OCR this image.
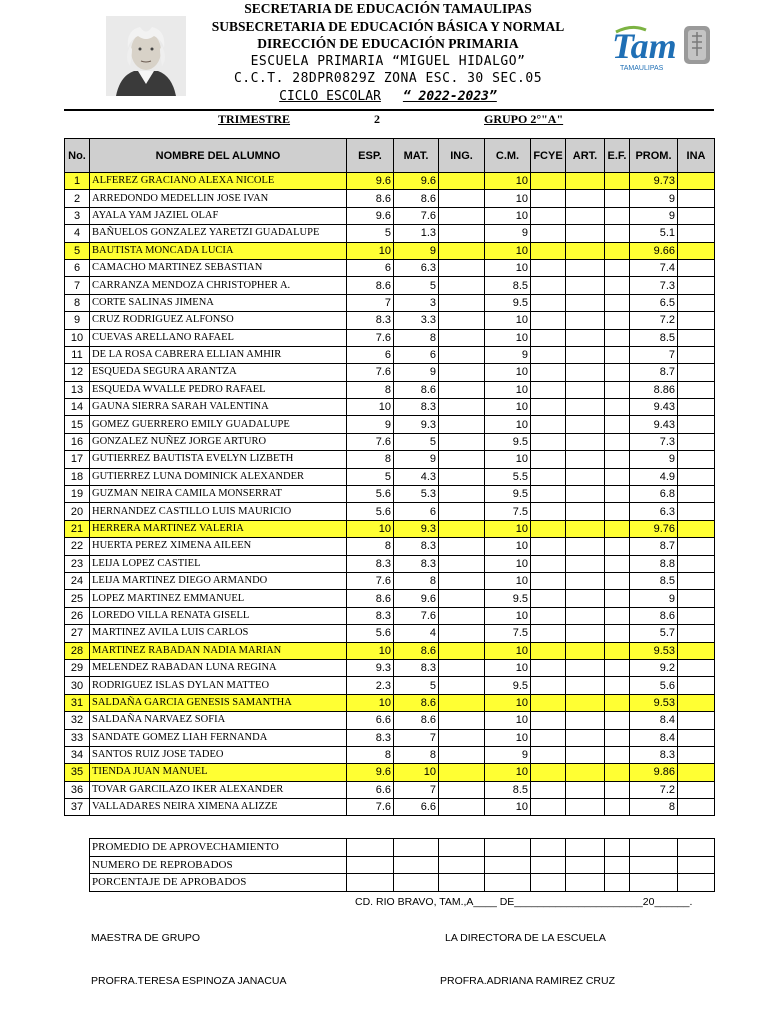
SECRETARIA DE EDUCACIÓN TAMAULIPAS
SUBSECRETARIA DE EDUCACIÓN BÁSICA Y NORMAL
DIRECCIÓN DE EDUCACIÓN PRIMARIA
ESCUELA PRIMARIA “MIGUEL HIDALGO”
C.C.T. 28DPR0829Z ZONA ESC. 30 SEC.05
CICLO ESCOLAR “ 2022-2023”
Tam
TAMAULIPAS
TRIMESTRE	2	GRUPO 2°"A"
No.	NOMBRE DEL ALUMNO	ESP.	MAT.	ING.	C.M.	FCYE	ART.	E.F.	PROM.	INA
1	ALFEREZ GRACIANO ALEXA NICOLE	9.6	9.6		10				9.73	
2	ARREDONDO MEDELLIN JOSE IVAN	8.6	8.6		10				9	
3	AYALA YAM JAZIEL OLAF	9.6	7.6		10				9	
4	BAÑUELOS GONZALEZ YARETZI GUADALUPE	5	1.3		9				5.1	
5	BAUTISTA MONCADA LUCIA	10	9		10				9.66	
6	CAMACHO MARTINEZ SEBASTIAN	6	6.3		10				7.4	
7	CARRANZA MENDOZA CHRISTOPHER A.	8.6	5		8.5				7.3	
8	CORTE SALINAS JIMENA	7	3		9.5				6.5	
9	CRUZ RODRIGUEZ ALFONSO	8.3	3.3		10				7.2	
10	CUEVAS ARELLANO RAFAEL	7.6	8		10				8.5	
11	DE LA ROSA CABRERA ELLIAN AMHIR	6	6		9				7	
12	ESQUEDA SEGURA ARANTZA	7.6	9		10				8.7	
13	ESQUEDA WVALLE PEDRO RAFAEL	8	8.6		10				8.86	
14	GAUNA SIERRA SARAH VALENTINA	10	8.3		10				9.43	
15	GOMEZ GUERRERO EMILY GUADALUPE	9	9.3		10				9.43	
16	GONZALEZ NUÑEZ JORGE ARTURO	7.6	5		9.5				7.3	
17	GUTIERREZ BAUTISTA EVELYN LIZBETH	8	9		10				9	
18	GUTIERREZ LUNA DOMINICK ALEXANDER	5	4.3		5.5				4.9	
19	GUZMAN NEIRA CAMILA MONSERRAT	5.6	5.3		9.5				6.8	
20	HERNANDEZ CASTILLO LUIS MAURICIO	5.6	6		7.5				6.3	
21	HERRERA MARTINEZ VALERIA	10	9.3		10				9.76	
22	HUERTA PEREZ XIMENA AILEEN	8	8.3		10				8.7	
23	LEIJA LOPEZ CASTIEL	8.3	8.3		10				8.8	
24	LEIJA MARTINEZ DIEGO ARMANDO	7.6	8		10				8.5	
25	LOPEZ MARTINEZ EMMANUEL	8.6	9.6		9.5				9	
26	LOREDO VILLA RENATA GISELL	8.3	7.6		10				8.6	
27	MARTINEZ AVILA LUIS CARLOS	5.6	4		7.5				5.7	
28	MARTINEZ RABADAN NADIA MARIAN	10	8.6		10				9.53	
29	MELENDEZ RABADAN LUNA REGINA	9.3	8.3		10				9.2	
30	RODRIGUEZ ISLAS DYLAN MATTEO	2.3	5		9.5				5.6	
31	SALDAÑA GARCIA GENESIS SAMANTHA	10	8.6		10				9.53	
32	SALDAÑA NARVAEZ SOFIA	6.6	8.6		10				8.4	
33	SANDATE GOMEZ LIAH FERNANDA	8.3	7		10				8.4	
34	SANTOS RUIZ JOSE TADEO	8	8		9				8.3	
35	TIENDA JUAN MANUEL	9.6	10		10				9.86	
36	TOVAR GARCILAZO IKER ALEXANDER	6.6	7		8.5				7.2	
37	VALLADARES NEIRA XIMENA ALIZZE	7.6	6.6		10				8	
PROMEDIO DE APROVECHAMIENTO									
NUMERO DE REPROBADOS									
PORCENTAJE DE APROBADOS									
CD. RIO BRAVO, TAM.,A____ DE______________________20______.
MAESTRA DE GRUPO	LA DIRECTORA DE LA ESCUELA
PROFRA.TERESA ESPINOZA JANACUA	PROFRA.ADRIANA RAMIREZ CRUZ
